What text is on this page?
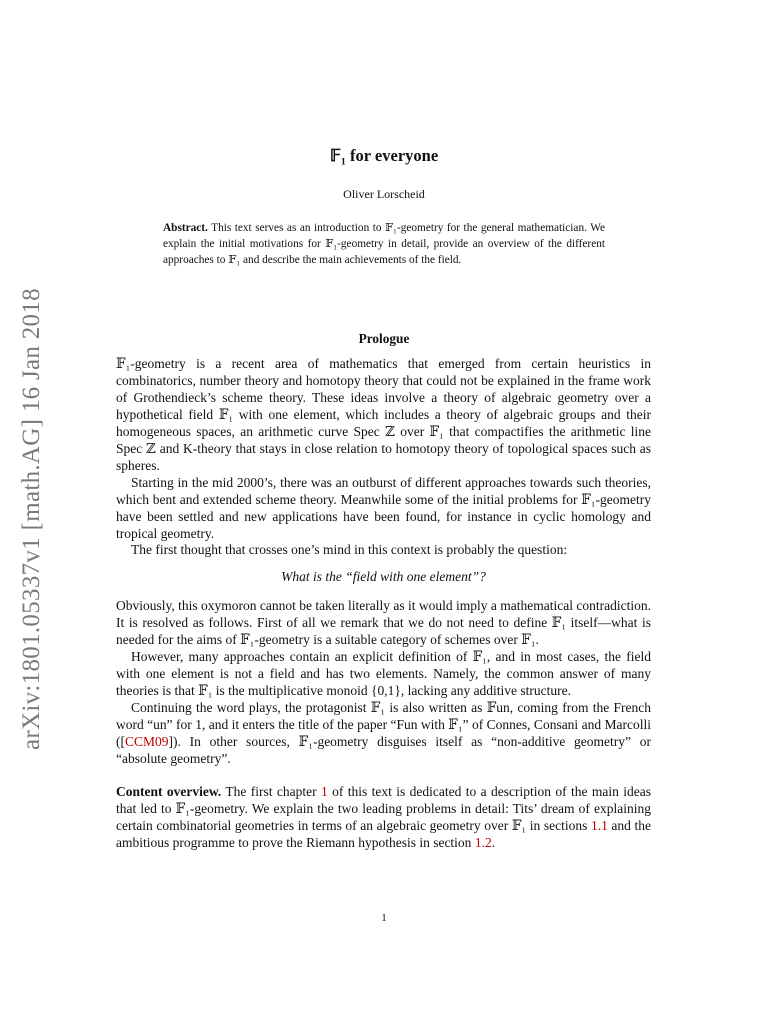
arXiv:1801.05337v1 [math.AG] 16 Jan 2018
𝔽₁ for everyone
Oliver Lorscheid
Abstract. This text serves as an introduction to 𝔽₁-geometry for the general mathematician. We explain the initial motivations for 𝔽₁-geometry in detail, provide an overview of the different approaches to 𝔽₁ and describe the main achievements of the field.
Prologue

𝔽₁-geometry is a recent area of mathematics that emerged from certain heuristics in combinatorics, number theory and homotopy theory that could not be explained in the frame work of Grothendieck’s scheme theory. These ideas involve a theory of algebraic geometry over a hypothetical field 𝔽₁ with one element, which includes a theory of algebraic groups and their homogeneous spaces, an arithmetic curve Spec ℤ over 𝔽₁ that compactifies the arithmetic line Spec ℤ and K-theory that stays in close relation to homotopy theory of topological spaces such as spheres.

Starting in the mid 2000’s, there was an outburst of different approaches towards such theories, which bent and extended scheme theory. Meanwhile some of the initial problems for 𝔽₁-geometry have been settled and new applications have been found, for instance in cyclic homology and tropical geometry.

The first thought that crosses one’s mind in this context is probably the question:

What is the “field with one element”?

Obviously, this oxymoron cannot be taken literally as it would imply a mathematical contradiction. It is resolved as follows. First of all we remark that we do not need to define 𝔽₁ itself—what is needed for the aims of 𝔽₁-geometry is a suitable category of schemes over 𝔽₁.

However, many approaches contain an explicit definition of 𝔽₁, and in most cases, the field with one element is not a field and has two elements. Namely, the common answer of many theories is that 𝔽₁ is the multiplicative monoid {0,1}, lacking any additive structure.

Continuing the word plays, the protagonist 𝔽₁ is also written as 𝔽un, coming from the French word “un” for 1, and it enters the title of the paper “Fun with 𝔽₁” of Connes, Consani and Marcolli ([CCM09]). In other sources, 𝔽₁-geometry disguises itself as “non-additive geometry” or “absolute geometry”.

Content overview. The first chapter 1 of this text is dedicated to a description of the main ideas that led to 𝔽₁-geometry. We explain the two leading problems in detail: Tits’ dream of explaining certain combinatorial geometries in terms of an algebraic geometry over 𝔽₁ in sections 1.1 and the ambitious programme to prove the Riemann hypothesis in section 1.2.

1
